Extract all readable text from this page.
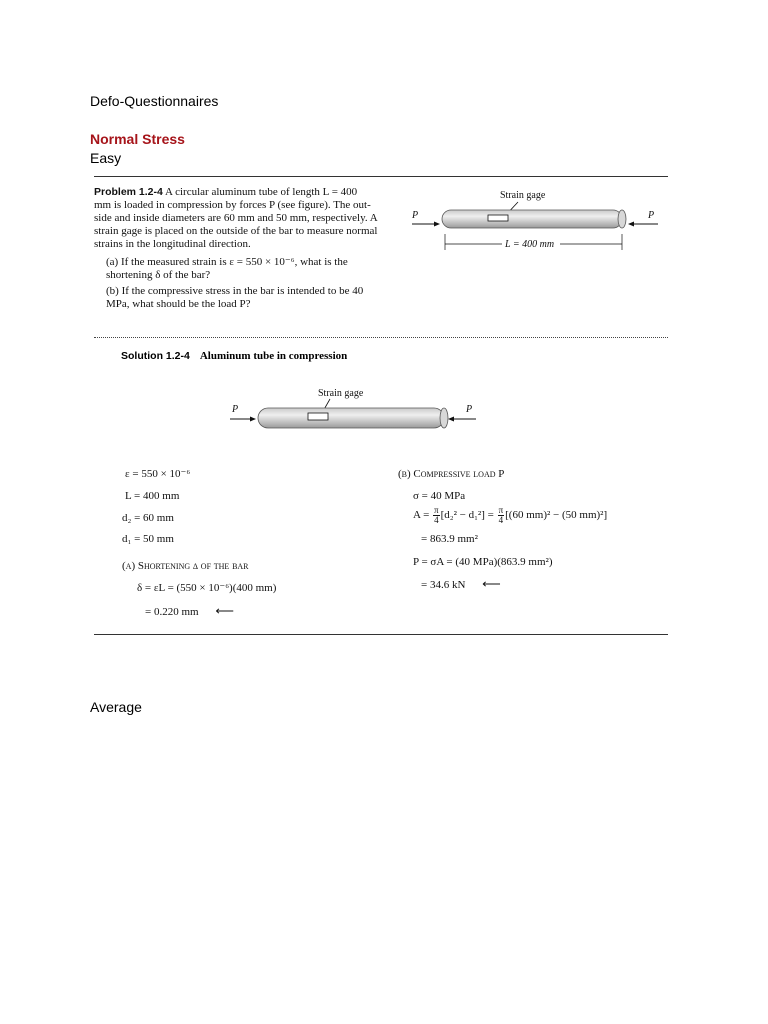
Defo-Questionnaires
Normal Stress
Easy
Problem 1.2-4 A circular aluminum tube of length L = 400
mm is loaded in compression by forces P (see figure). The out-
side and inside diameters are 60 mm and 50 mm, respectively. A
strain gage is placed on the outside of the bar to measure normal
strains in the longitudinal direction.
(a) If the measured strain is ε = 550 × 10⁻⁶, what is the
shortening δ of the bar?
(b) If the compressive stress in the bar is intended to be 40
MPa, what should be the load P?
Strain gage
P	P
L = 400 mm
Solution 1.2-4 Aluminum tube in compression
Strain gage
P	P
ε = 550 × 10⁻⁶
L = 400 mm
d₂ = 60 mm
d₁ = 50 mm
(a) Shortening δ of the bar
δ = εL = (550 × 10⁻⁶)(400 mm)
= 0.220 mm ⟵
(b) Compressive load P
σ = 40 MPa
$A = \frac{\pi}{4} [d_2^2 - d_1^2] = \frac{\pi}{4} [(60$ mm)² − (50 mm)²]
= 863.9 mm²
P = σA = (40 MPa)(863.9 mm²)
= 34.6 kN ⟵
Average
